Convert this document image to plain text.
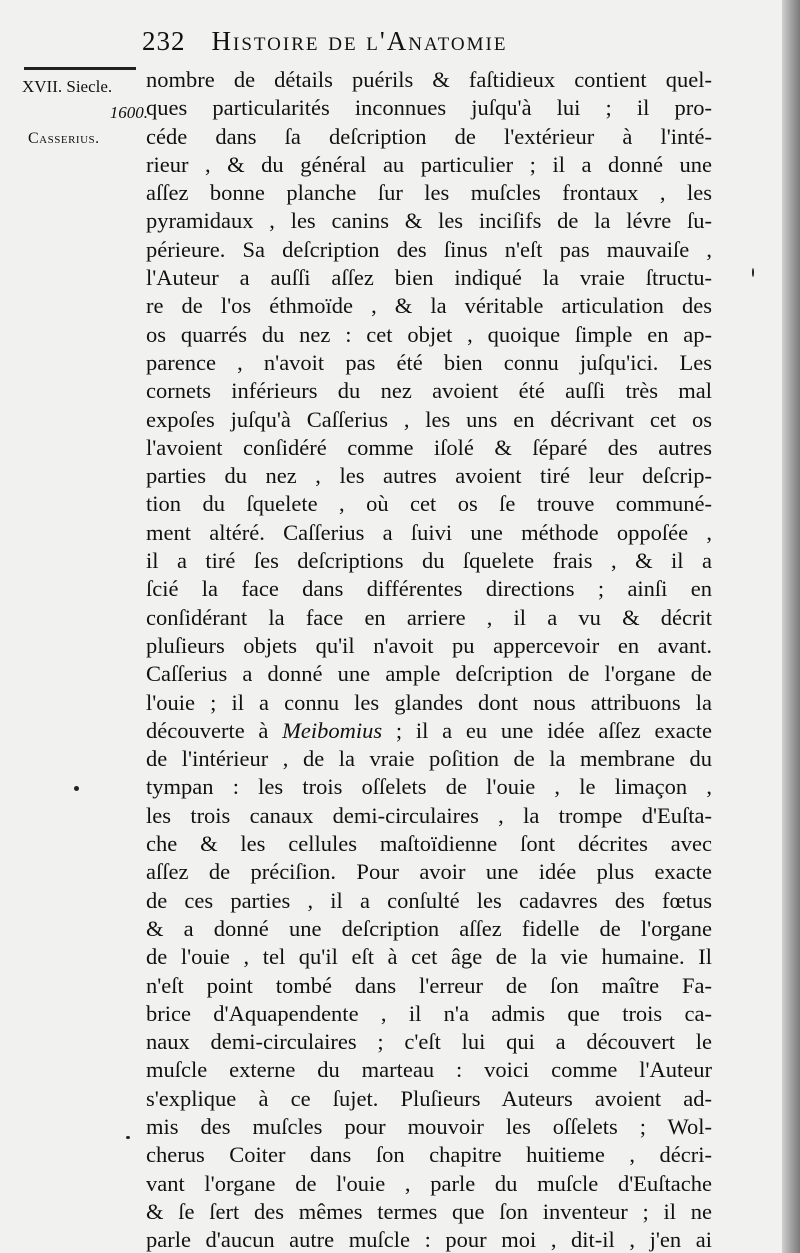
232 Histoire de l'Anatomie
XVII. Siecle.
1600.
Casserius.
nombre de détails puérils & faſtidieux contient quel-
ques particularités inconnues juſqu'à lui ; il pro-
céde dans ſa deſcription de l'extérieur à l'inté-
rieur , & du général au particulier ; il a donné une
aſſez bonne planche ſur les muſcles frontaux , les
pyramidaux , les canins & les inciſifs de la lévre ſu-
périeure. Sa deſcription des ſinus n'eſt pas mauvaiſe ,
l'Auteur a auſſi aſſez bien indiqué la vraie ſtructu-
re de l'os éthmoïde , & la véritable articulation des
os quarrés du nez : cet objet , quoique ſimple en ap-
parence , n'avoit pas été bien connu juſqu'ici. Les
cornets inférieurs du nez avoient été auſſi très mal
expoſes juſqu'à Caſſerius , les uns en décrivant cet os
l'avoient conſidéré comme iſolé & ſéparé des autres
parties du nez , les autres avoient tiré leur deſcrip-
tion du ſquelete , où cet os ſe trouve communé-
ment altéré. Caſſerius a ſuivi une méthode oppoſée ,
il a tiré ſes deſcriptions du ſquelete frais , & il a
ſcié la face dans différentes directions ; ainſi en
conſidérant la face en arriere , il a vu & décrit
pluſieurs objets qu'il n'avoit pu appercevoir en avant.
Caſſerius a donné une ample deſcription de l'organe de
l'ouie ; il a connu les glandes dont nous attribuons la
découverte à Meibomius ; il a eu une idée aſſez exacte
de l'intérieur , de la vraie poſition de la membrane du
tympan : les trois oſſelets de l'ouie , le limaçon ,
les trois canaux demi-circulaires , la trompe d'Euſta-
che & les cellules maſtoïdienne ſont décrites avec
aſſez de préciſion. Pour avoir une idée plus exacte
de ces parties , il a conſulté les cadavres des fœtus
& a donné une deſcription aſſez fidelle de l'organe
de l'ouie , tel qu'il eſt à cet âge de la vie humaine. Il
n'eſt point tombé dans l'erreur de ſon maître Fa-
brice d'Aquapendente , il n'a admis que trois ca-
naux demi-circulaires ; c'eſt lui qui a découvert le
muſcle externe du marteau : voici comme l'Auteur
s'explique à ce ſujet. Pluſieurs Auteurs avoient ad-
mis des muſcles pour mouvoir les oſſelets ; Wol-
cherus Coiter dans ſon chapitre huitieme , décri-
vant l'organe de l'ouie , parle du muſcle d'Euſtache
& ſe ſert des mêmes termes que ſon inventeur ; il ne
parle d'aucun autre muſcle : pour moi , dit-il , j'en ai
